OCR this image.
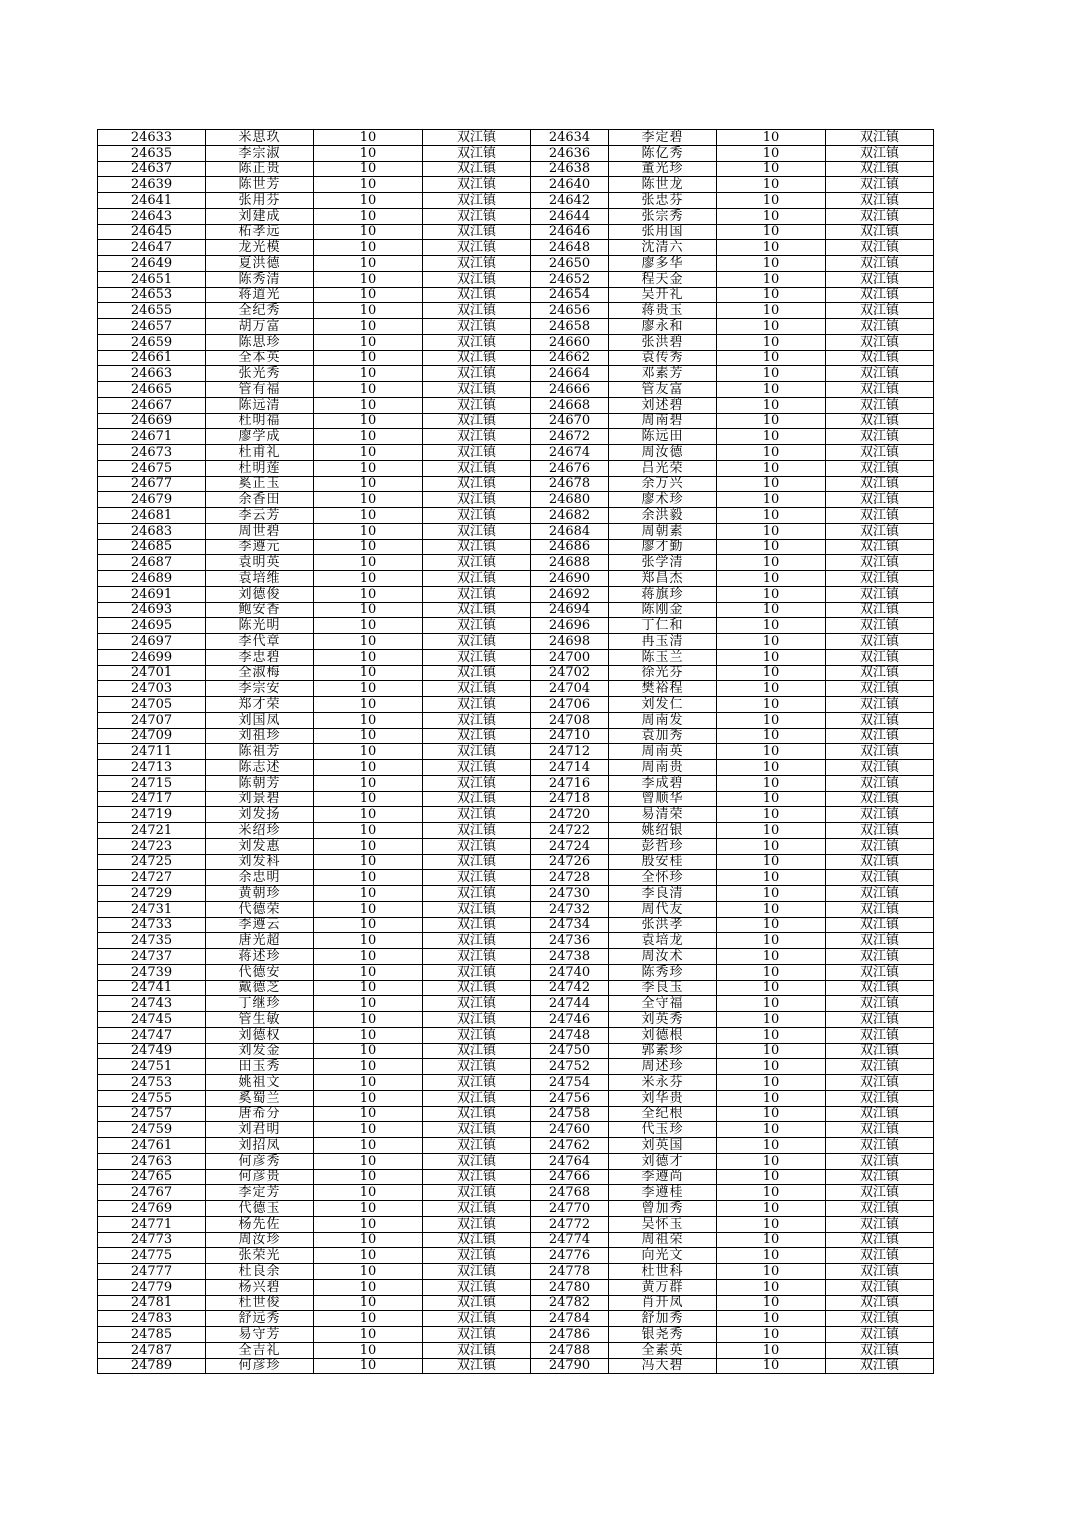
24633	米思玖	10	双江镇	24634	李定碧	10	双江镇
24635	李宗淑	10	双江镇	24636	陈亿秀	10	双江镇
24637	陈正贵	10	双江镇	24638	董光珍	10	双江镇
24639	陈世芳	10	双江镇	24640	陈世龙	10	双江镇
24641	张用芬	10	双江镇	24642	张忠芬	10	双江镇
24643	刘建成	10	双江镇	24644	张宗秀	10	双江镇
24645	柘孝远	10	双江镇	24646	张用国	10	双江镇
24647	龙光模	10	双江镇	24648	沈清六	10	双江镇
24649	夏洪德	10	双江镇	24650	廖多华	10	双江镇
24651	陈秀清	10	双江镇	24652	程天金	10	双江镇
24653	蒋道光	10	双江镇	24654	吴开礼	10	双江镇
24655	全纪秀	10	双江镇	24656	蒋贵玉	10	双江镇
24657	胡万富	10	双江镇	24658	廖永和	10	双江镇
24659	陈思珍	10	双江镇	24660	张洪碧	10	双江镇
24661	全本英	10	双江镇	24662	袁传秀	10	双江镇
24663	张光秀	10	双江镇	24664	邓素芳	10	双江镇
24665	管有福	10	双江镇	24666	管友富	10	双江镇
24667	陈远清	10	双江镇	24668	刘述碧	10	双江镇
24669	杜明福	10	双江镇	24670	周南碧	10	双江镇
24671	廖学成	10	双江镇	24672	陈远田	10	双江镇
24673	杜甫礼	10	双江镇	24674	周汝德	10	双江镇
24675	杜明莲	10	双江镇	24676	吕光荣	10	双江镇
24677	奚正玉	10	双江镇	24678	余万兴	10	双江镇
24679	余香田	10	双江镇	24680	廖术珍	10	双江镇
24681	李云芳	10	双江镇	24682	余洪毅	10	双江镇
24683	周世碧	10	双江镇	24684	周朝素	10	双江镇
24685	李遵元	10	双江镇	24686	廖才勤	10	双江镇
24687	袁明英	10	双江镇	24688	张学清	10	双江镇
24689	袁培维	10	双江镇	24690	郑昌杰	10	双江镇
24691	刘德俊	10	双江镇	24692	蒋旗珍	10	双江镇
24693	鲍安香	10	双江镇	24694	陈刚金	10	双江镇
24695	陈光明	10	双江镇	24696	丁仁和	10	双江镇
24697	李代章	10	双江镇	24698	冉玉清	10	双江镇
24699	李忠碧	10	双江镇	24700	陈玉兰	10	双江镇
24701	全淑梅	10	双江镇	24702	徐光芬	10	双江镇
24703	李宗安	10	双江镇	24704	樊裕程	10	双江镇
24705	郑才荣	10	双江镇	24706	刘发仁	10	双江镇
24707	刘国凤	10	双江镇	24708	周南发	10	双江镇
24709	刘祖珍	10	双江镇	24710	袁加秀	10	双江镇
24711	陈祖芳	10	双江镇	24712	周南英	10	双江镇
24713	陈志述	10	双江镇	24714	周南贵	10	双江镇
24715	陈朝芳	10	双江镇	24716	李成碧	10	双江镇
24717	刘景碧	10	双江镇	24718	曾顺华	10	双江镇
24719	刘发扬	10	双江镇	24720	易清荣	10	双江镇
24721	米绍珍	10	双江镇	24722	姚绍银	10	双江镇
24723	刘发惠	10	双江镇	24724	彭哲珍	10	双江镇
24725	刘发科	10	双江镇	24726	殷安桂	10	双江镇
24727	余忠明	10	双江镇	24728	全怀珍	10	双江镇
24729	黄朝珍	10	双江镇	24730	李良清	10	双江镇
24731	代德荣	10	双江镇	24732	周代友	10	双江镇
24733	李遵云	10	双江镇	24734	张洪孝	10	双江镇
24735	唐光超	10	双江镇	24736	袁培龙	10	双江镇
24737	蒋述珍	10	双江镇	24738	周汝术	10	双江镇
24739	代德安	10	双江镇	24740	陈秀珍	10	双江镇
24741	戴德芝	10	双江镇	24742	李良玉	10	双江镇
24743	丁继珍	10	双江镇	24744	全守福	10	双江镇
24745	管生敏	10	双江镇	24746	刘英秀	10	双江镇
24747	刘德权	10	双江镇	24748	刘德根	10	双江镇
24749	刘发金	10	双江镇	24750	郭素珍	10	双江镇
24751	田玉秀	10	双江镇	24752	周述珍	10	双江镇
24753	姚祖文	10	双江镇	24754	米永芬	10	双江镇
24755	奚蜀兰	10	双江镇	24756	刘华贵	10	双江镇
24757	唐希分	10	双江镇	24758	全纪根	10	双江镇
24759	刘君明	10	双江镇	24760	代玉珍	10	双江镇
24761	刘招凤	10	双江镇	24762	刘英国	10	双江镇
24763	何彦秀	10	双江镇	24764	刘德才	10	双江镇
24765	何彦贵	10	双江镇	24766	李遵尚	10	双江镇
24767	李定芳	10	双江镇	24768	李遵桂	10	双江镇
24769	代德玉	10	双江镇	24770	曾加秀	10	双江镇
24771	杨先佐	10	双江镇	24772	吴怀玉	10	双江镇
24773	周汝珍	10	双江镇	24774	周祖荣	10	双江镇
24775	张荣光	10	双江镇	24776	向光文	10	双江镇
24777	杜良余	10	双江镇	24778	杜世科	10	双江镇
24779	杨兴碧	10	双江镇	24780	黄万群	10	双江镇
24781	杜世俊	10	双江镇	24782	肖开凤	10	双江镇
24783	舒远秀	10	双江镇	24784	舒加秀	10	双江镇
24785	易守芳	10	双江镇	24786	银尧秀	10	双江镇
24787	全吉礼	10	双江镇	24788	全素英	10	双江镇
24789	何彦珍	10	双江镇	24790	冯大碧	10	双江镇
